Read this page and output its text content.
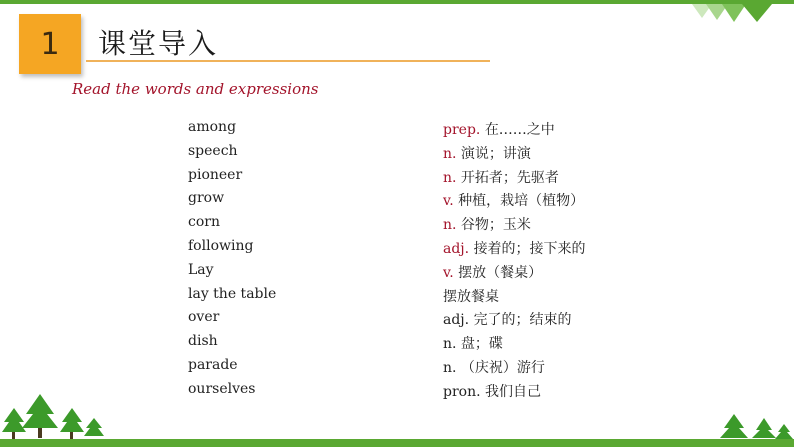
1 课堂导入
Read the words and expressions
among	prep. 在……之中
speech	n. 演说；讲演
pioneer	n. 开拓者；先驱者
grow	v. 种植，栽培（植物）
corn	n. 谷物；玉米
following	adj. 接着的；接下来的
Lay	v. 摆放（餐桌）
lay the table	摆放餐桌
over	adj. 完了的；结束的
dish	n. 盘；碟
parade	n. （庆祝）游行
ourselves	pron. 我们自己
